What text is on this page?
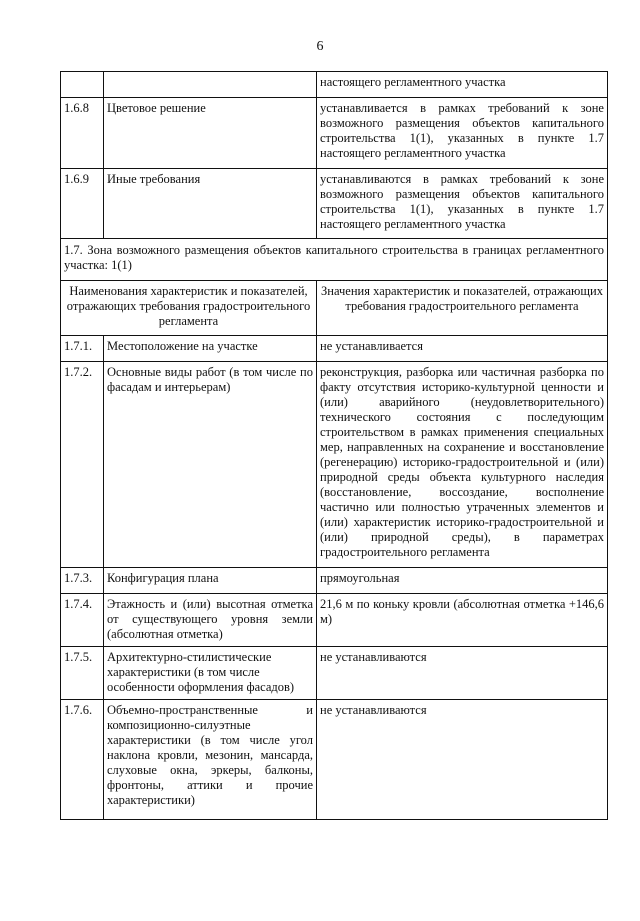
6
		настоящего регламентного участка
1.6.8	Цветовое решение	устанавливается в рамках требований к зоне возможного размещения объектов капитального строительства 1(1), указанных в пункте 1.7 настоящего регламентного участка
1.6.9	Иные требования	устанавливаются в рамках требований к зоне возможного размещения объектов капитального строительства 1(1), указанных в пункте 1.7 настоящего регламентного участка
1.7. Зона возможного размещения объектов капитального строительства в границах регламентного участка: 1(1)		
Наименования характеристик и показателей, отражающих требования градостроительного регламента		Значения характеристик и показателей, отражающих требования градостроительного регламента
1.7.1.	Местоположение на участке	не устанавливается
1.7.2.	Основные виды работ (в том числе по фасадам и интерьерам)	реконструкция, разборка или частичная разборка по факту отсутствия историко-культурной ценности и (или) аварийного (неудовлетворительного) технического состояния с последующим строительством в рамках применения специальных мер, направленных на сохранение и восстановление (регенерацию) историко-градостроительной и (или) природной среды объекта культурного наследия (восстановление, воссоздание, восполнение частично или полностью утраченных элементов и (или) характеристик историко-градостроительной и (или) природной среды), в параметрах градостроительного регламента
1.7.3.	Конфигурация плана	прямоугольная
1.7.4.	Этажность и (или) высотная отметка от существующего уровня земли (абсолютная отметка)	21,6 м по коньку кровли (абсолютная отметка +146,6 м)
1.7.5.	Архитектурно-стилистические характеристики (в том числе особенности оформления фасадов)	не устанавливаются
1.7.6.	Объемно-пространственные и композиционно-силуэтные характеристики (в том числе угол наклона кровли, мезонин, мансарда, слуховые окна, эркеры, балконы, фронтоны, аттики и прочие характеристики)	не устанавливаются
